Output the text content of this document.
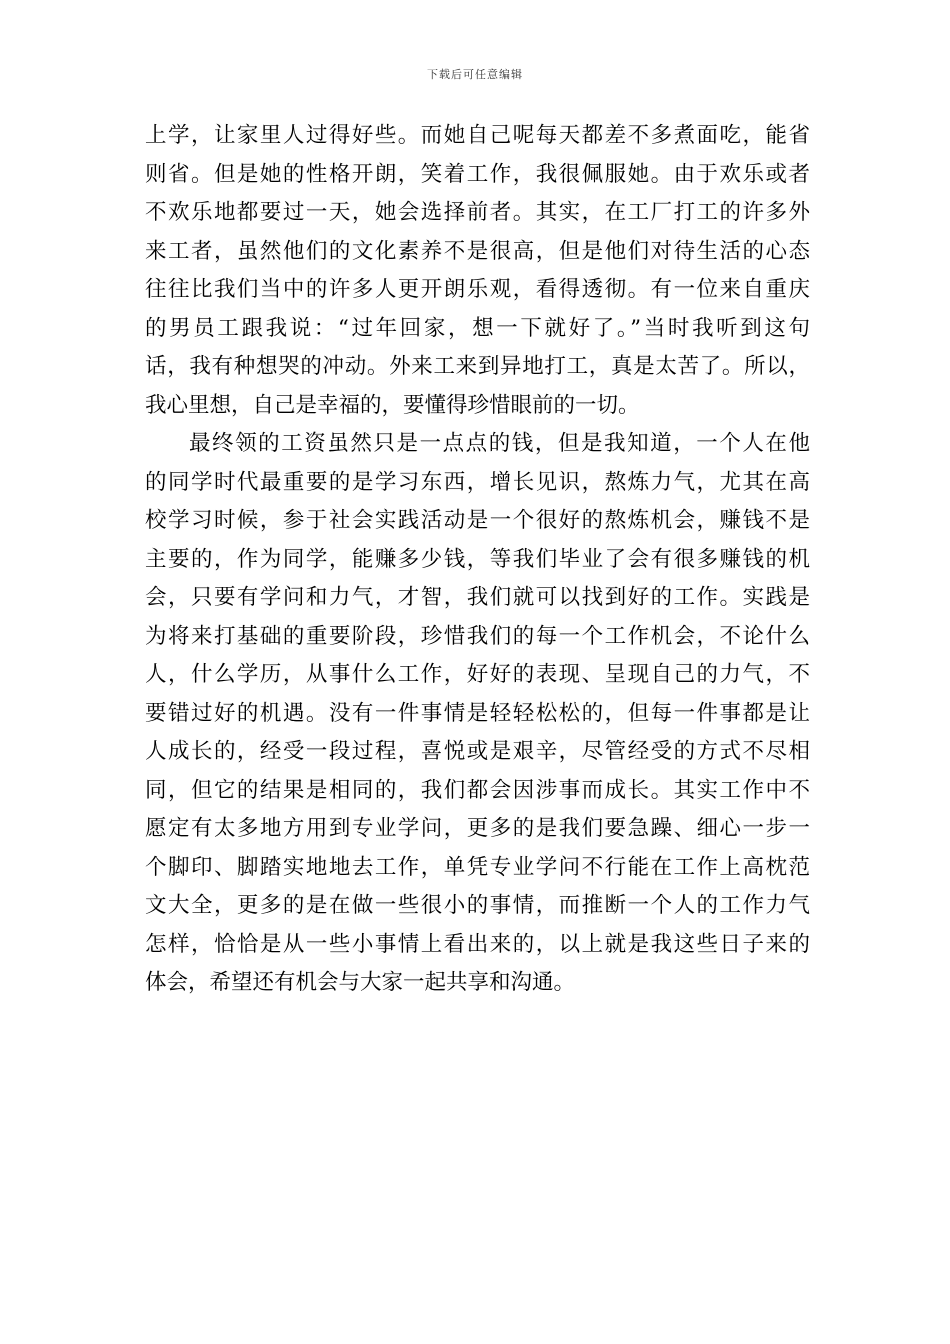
下载后可任意编辑
上学，让家里人过得好些。而她自己呢每天都差不多煮面吃，能省
则省。但是她的性格开朗，笑着工作，我很佩服她。由于欢乐或者
不欢乐地都要过一天，她会选择前者。其实，在工厂打工的许多外
来工者，虽然他们的文化素养不是很高，但是他们对待生活的心态
往往比我们当中的许多人更开朗乐观，看得透彻。有一位来自重庆
的男员工跟我说：“过年回家，想一下就好了。”当时我听到这句
话，我有种想哭的冲动。外来工来到异地打工，真是太苦了。所以，
我心里想，自己是幸福的，要懂得珍惜眼前的一切。
最终领的工资虽然只是一点点的钱，但是我知道，一个人在他
的同学时代最重要的是学习东西，增长见识，熬炼力气，尤其在高
校学习时候，参于社会实践活动是一个很好的熬炼机会，赚钱不是
主要的，作为同学，能赚多少钱，等我们毕业了会有很多赚钱的机
会，只要有学问和力气，才智，我们就可以找到好的工作。实践是
为将来打基础的重要阶段，珍惜我们的每一个工作机会，不论什么
人，什么学历，从事什么工作，好好的表现、呈现自己的力气，不
要错过好的机遇。没有一件事情是轻轻松松的，但每一件事都是让
人成长的，经受一段过程，喜悦或是艰辛，尽管经受的方式不尽相
同，但它的结果是相同的，我们都会因涉事而成长。其实工作中不
愿定有太多地方用到专业学问，更多的是我们要急躁、细心一步一
个脚印、脚踏实地地去工作，单凭专业学问不行能在工作上高枕范
文大全，更多的是在做一些很小的事情，而推断一个人的工作力气
怎样，恰恰是从一些小事情上看出来的，以上就是我这些日子来的
体会，希望还有机会与大家一起共享和沟通。
